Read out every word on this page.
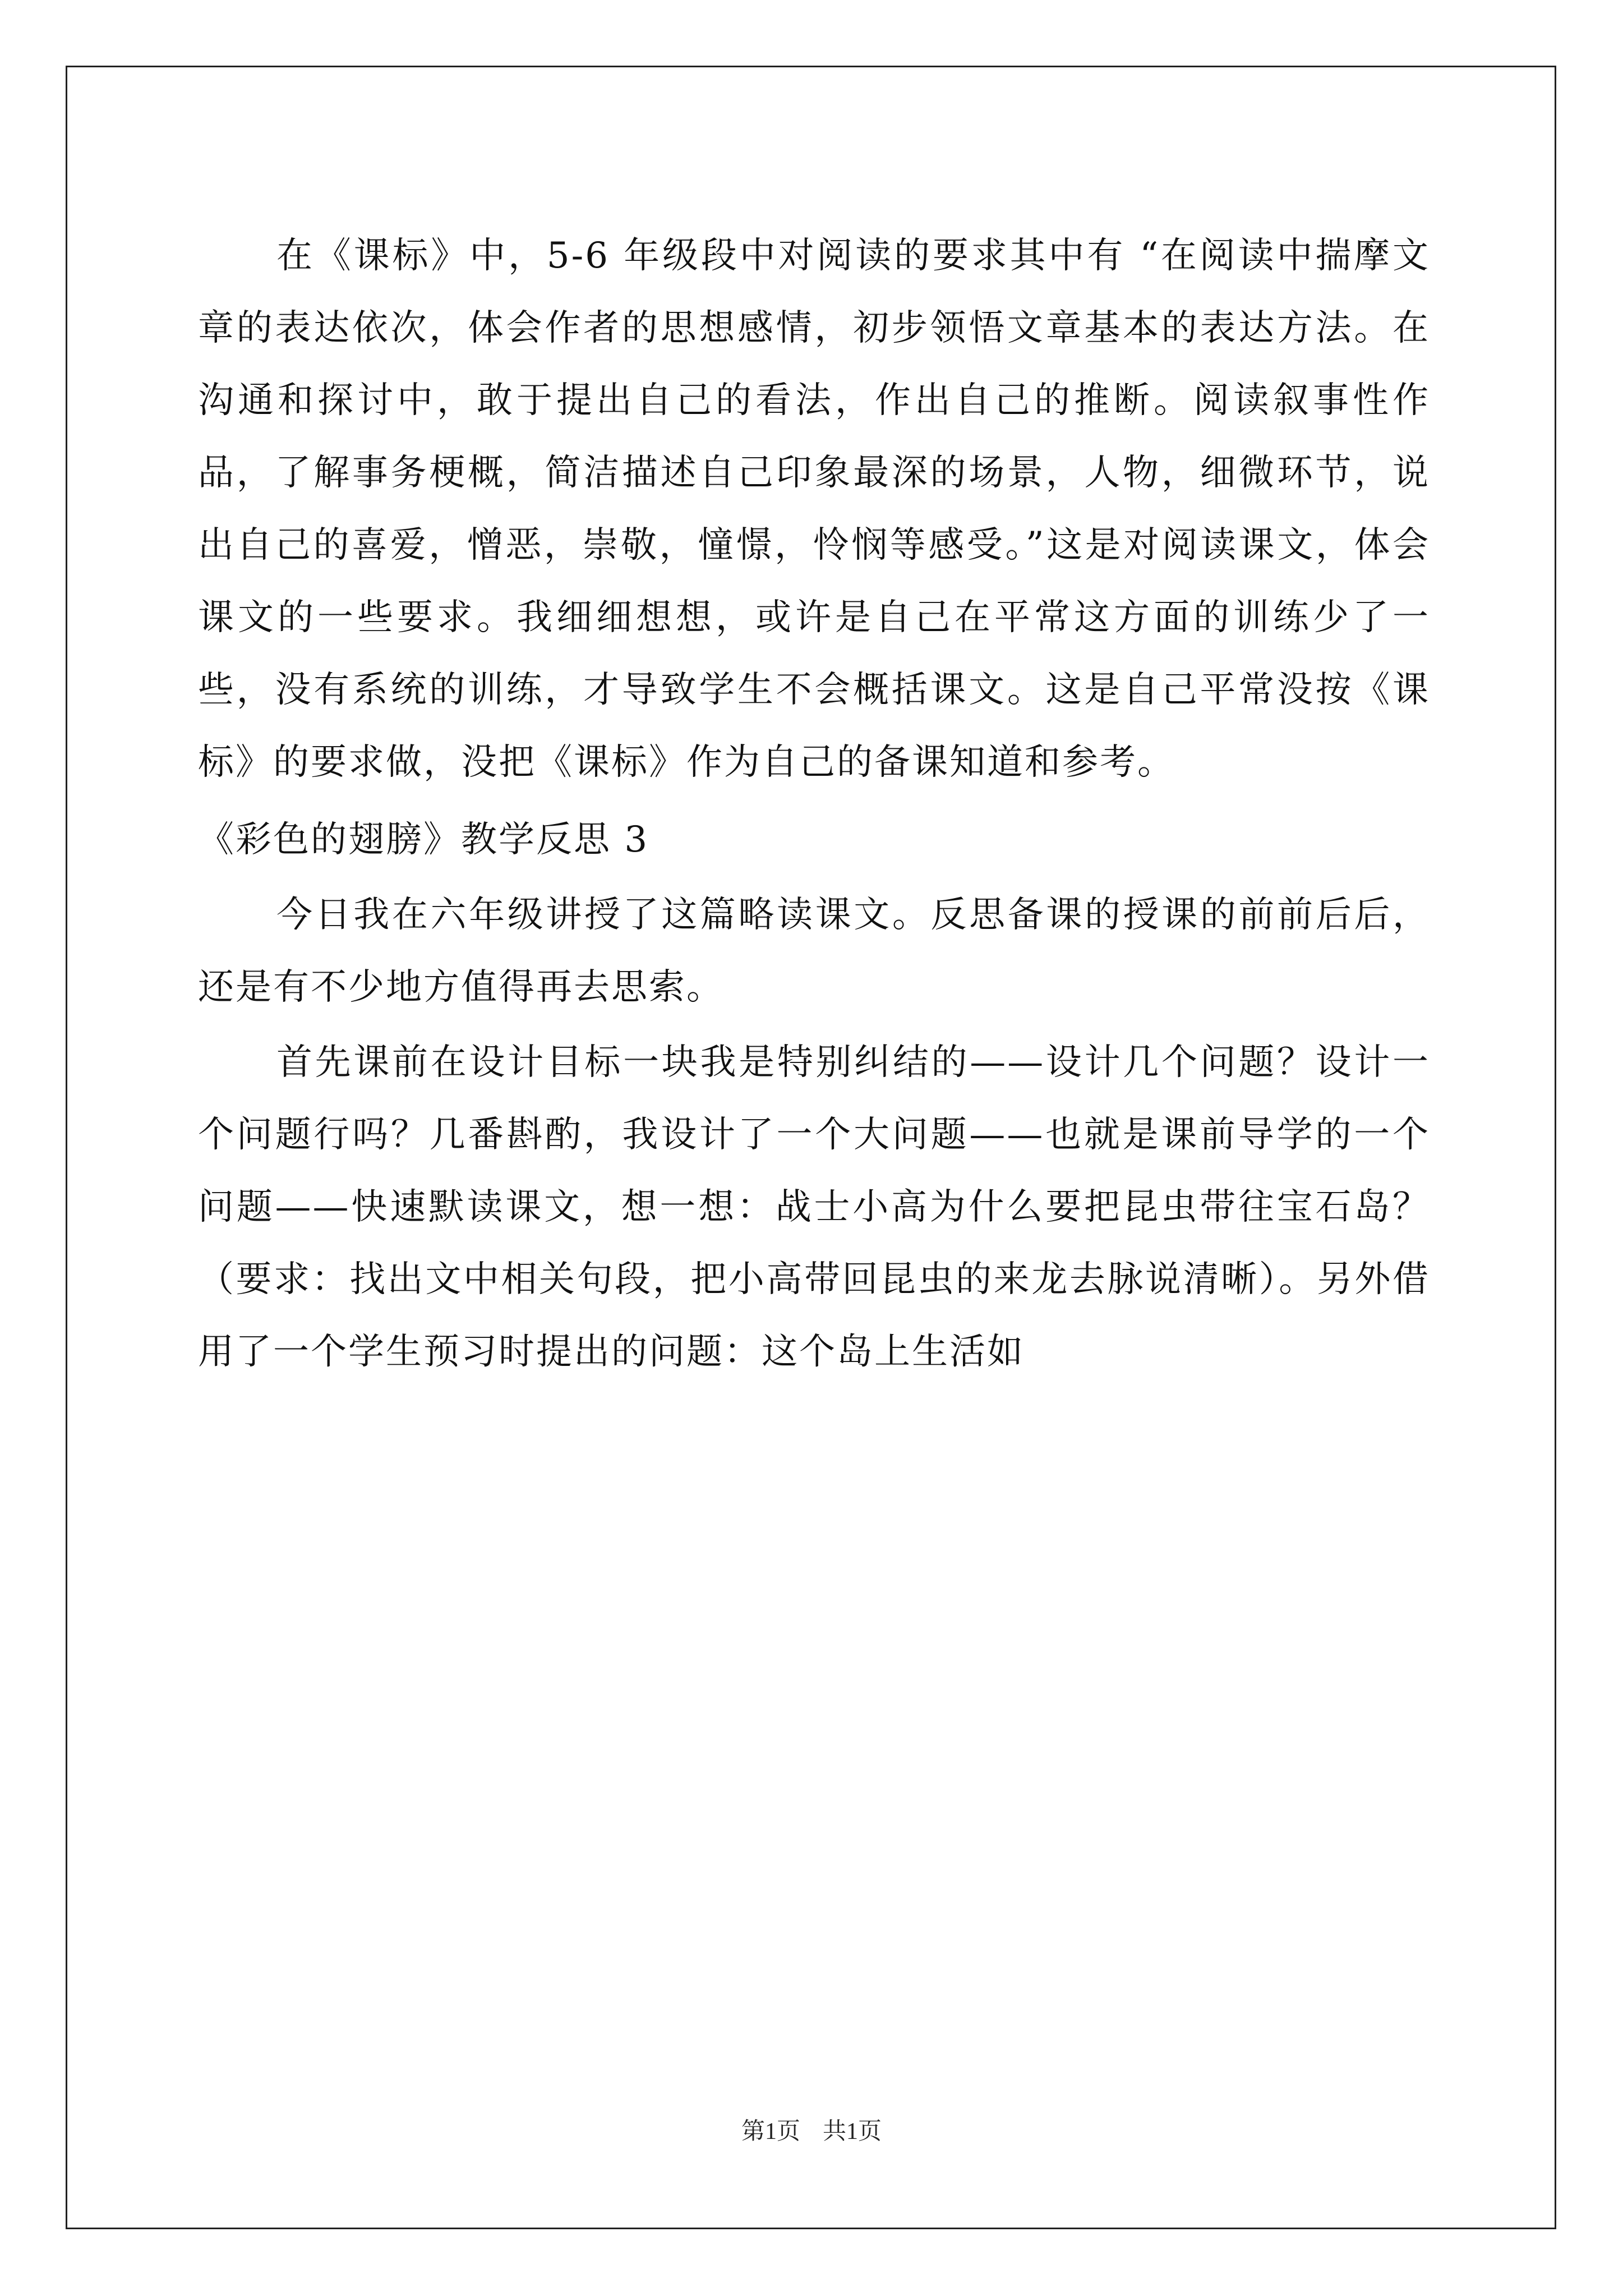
在《课标》中，5-6 年级段中对阅读的要求其中有 “在阅读中揣摩文章的表达依次，体会作者的思想感情，初步领悟文章基本的表达方法。在沟通和探讨中，敢于提出自己的看法，作出自己的推断。阅读叙事性作品，了解事务梗概，简洁描述自己印象最深的场景，人物，细微环节，说出自己的喜爱，憎恶，崇敬，憧憬，怜悯等感受。”这是对阅读课文，体会课文的一些要求。我细细想想，或许是自己在平常这方面的训练少了一些，没有系统的训练，才导致学生不会概括课文。这是自己平常没按《课标》的要求做，没把《课标》作为自己的备课知道和参考。

《彩色的翅膀》教学反思 3

今日我在六年级讲授了这篇略读课文。反思备课的授课的前前后后，还是有不少地方值得再去思索。

首先课前在设计目标一块我是特别纠结的——设计几个问题？设计一个问题行吗？几番斟酌，我设计了一个大问题——也就是课前导学的一个问题——快速默读课文，想一想：战士小高为什么要把昆虫带往宝石岛？（要求：找出文中相关句段，把小高带回昆虫的来龙去脉说清晰）。另外借用了一个学生预习时提出的问题：这个岛上生活如

第1页 共1页
